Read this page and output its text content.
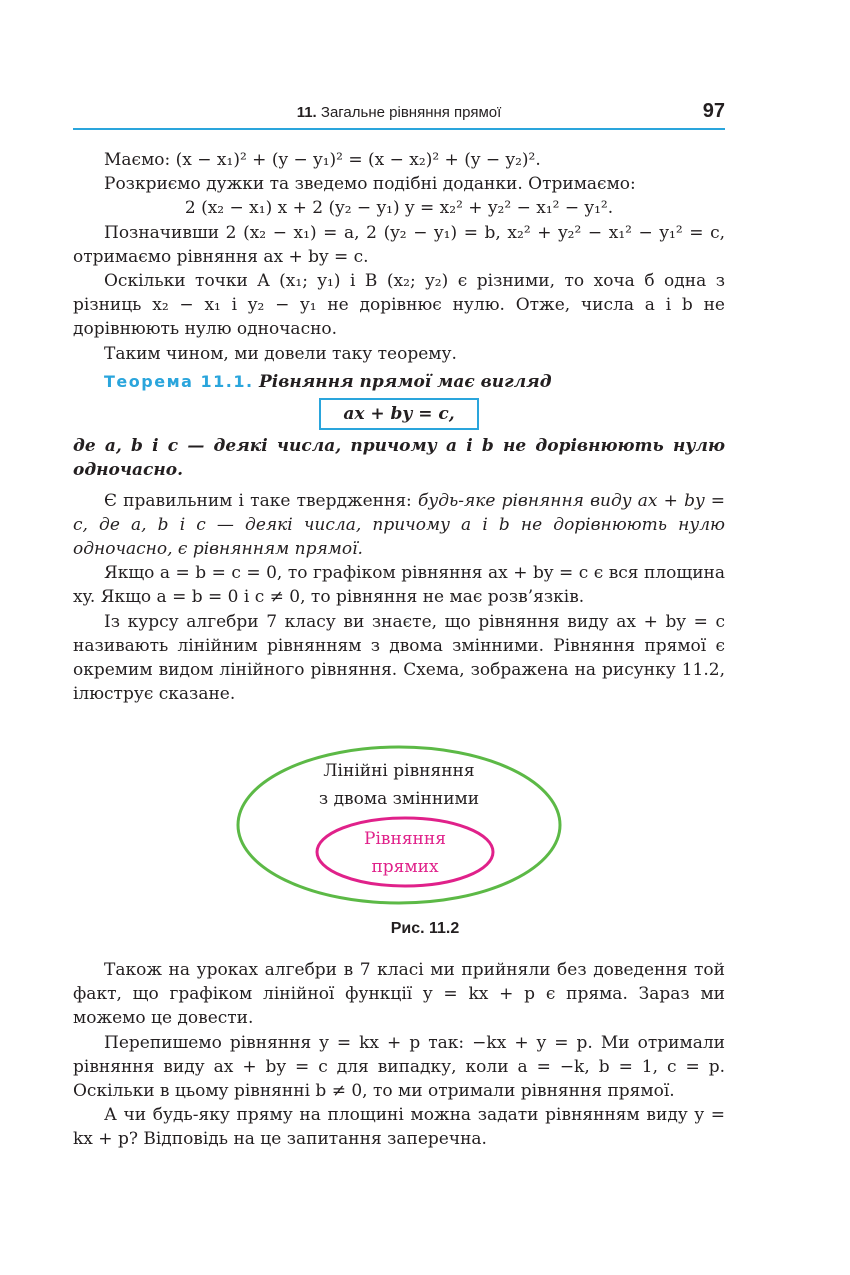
11. Загальне рівняння прямої	97

Маємо: (x − x₁)² + (y − y₁)² = (x − x₂)² + (y − y₂)².

Розкриємо дужки та зведемо подібні доданки. Отримаємо:

2 (x₂ − x₁) x + 2 (y₂ − y₁) y = x₂² + y₂² − x₁² − y₁².

Позначивши 2 (x₂ − x₁) = a, 2 (y₂ − y₁) = b, x₂² + y₂² − x₁² − y₁² = c, отримаємо рівняння ax + by = c.

Оскільки точки A (x₁; y₁) і B (x₂; y₂) є різними, то хоча б одна з різниць x₂ − x₁ і y₂ − y₁ не дорівнює нулю. Отже, числа a і b не дорівнюють нулю одночасно.

Таким чином, ми довели таку теорему.

Теорема 11.1. Рівняння прямої має вигляд

ax + by = c,

де a, b і c — деякі числа, причому a і b не дорівнюють нулю одночасно.

Є правильним і таке твердження: будь-яке рівняння виду ax + by = c, де a, b і c — деякі числа, причому a і b не дорівнюють нулю одночасно, є рівнянням прямої.

Якщо a = b = c = 0, то графіком рівняння ax + by = c є вся площина xy. Якщо a = b = 0 і c ≠ 0, то рівняння не має розв’язків.

Із курсу алгебри 7 класу ви знаєте, що рівняння виду ax + by = c називають лінійним рівнянням з двома змінними. Рівняння прямої є окремим видом лінійного рівняння. Схема, зображена на рисунку 11.2, ілюструє сказане.

Лінійні рівняння
з двома змінними
Рівняння
прямих
Рис. 11.2

Також на уроках алгебри в 7 класі ми прийняли без доведення той факт, що графіком лінійної функції y = kx + p є пряма. Зараз ми можемо це довести.

Перепишемо рівняння y = kx + p так: −kx + y = p. Ми отримали рівняння виду ax + by = c для випадку, коли a = −k, b = 1, c = p. Оскільки в цьому рівнянні b ≠ 0, то ми отримали рівняння прямої.

А чи будь-яку пряму на площині можна задати рівнянням виду y = kx + p? Відповідь на це запитання заперечна.
